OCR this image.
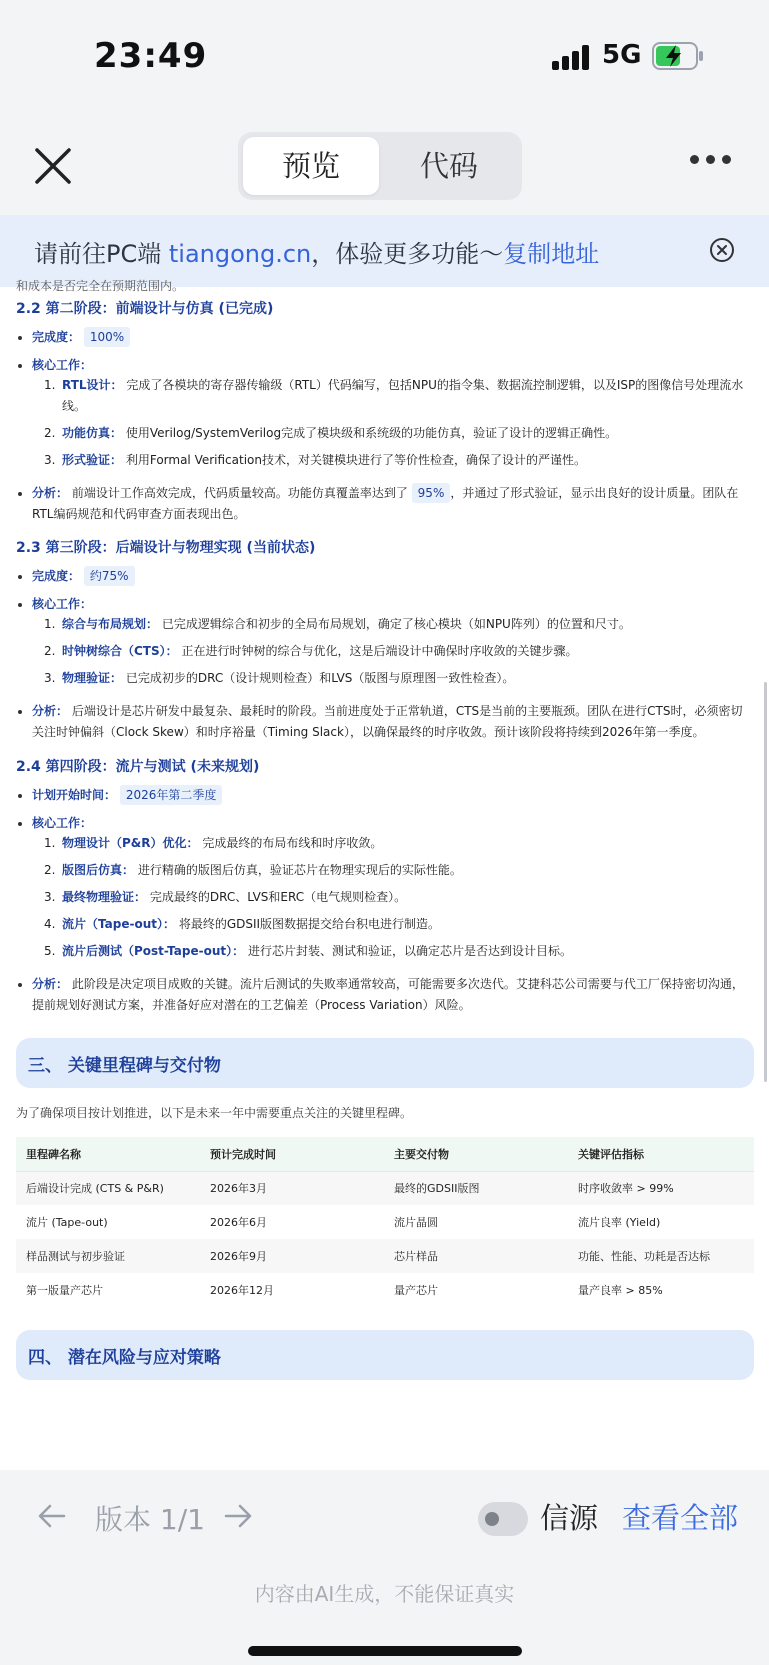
23:49	5G
预览	代码
请前往PC端 tiangong.cn，体验更多功能～复制地址
和成本是否完全在预期范围内。
2.2 第二阶段：前端设计与仿真 (已完成)
完成度： 100%
核心工作：
1. RTL设计： 完成了各模块的寄存器传输级（RTL）代码编写，包括NPU的指令集、数据流控制逻辑，以及ISP的图像信号处理流水线。
2. 功能仿真： 使用Verilog/SystemVerilog完成了模块级和系统级的功能仿真，验证了设计的逻辑正确性。
3. 形式验证： 利用Formal Verification技术，对关键模块进行了等价性检查，确保了设计的严谨性。
分析： 前端设计工作高效完成，代码质量较高。功能仿真覆盖率达到了 95% ，并通过了形式验证，显示出良好的设计质量。团队在RTL编码规范和代码审查方面表现出色。
2.3 第三阶段：后端设计与物理实现 (当前状态)
完成度： 约75%
核心工作：
1. 综合与布局规划： 已完成逻辑综合和初步的全局布局规划，确定了核心模块（如NPU阵列）的位置和尺寸。
2. 时钟树综合（CTS）： 正在进行时钟树的综合与优化，这是后端设计中确保时序收敛的关键步骤。
3. 物理验证： 已完成初步的DRC（设计规则检查）和LVS（版图与原理图一致性检查）。
分析： 后端设计是芯片研发中最复杂、最耗时的阶段。当前进度处于正常轨道，CTS是当前的主要瓶颈。团队在进行CTS时，必须密切关注时钟偏斜（Clock Skew）和时序裕量（Timing Slack），以确保最终的时序收敛。预计该阶段将持续到2026年第一季度。
2.4 第四阶段：流片与测试 (未来规划)
计划开始时间： 2026年第二季度
核心工作：
1. 物理设计（P&R）优化： 完成最终的布局布线和时序收敛。
2. 版图后仿真： 进行精确的版图后仿真，验证芯片在物理实现后的实际性能。
3. 最终物理验证： 完成最终的DRC、LVS和ERC（电气规则检查）。
4. 流片（Tape-out）： 将最终的GDSII版图数据提交给台积电进行制造。
5. 流片后测试（Post-Tape-out）： 进行芯片封装、测试和验证，以确定芯片是否达到设计目标。
分析： 此阶段是决定项目成败的关键。流片后测试的失败率通常较高，可能需要多次迭代。艾捷科芯公司需要与代工厂保持密切沟通，提前规划好测试方案，并准备好应对潜在的工艺偏差（Process Variation）风险。
三、 关键里程碑与交付物
为了确保项目按计划推进，以下是未来一年中需要重点关注的关键里程碑。
里程碑名称	预计完成时间	主要交付物	关键评估指标
后端设计完成 (CTS & P&R)	2026年3月	最终的GDSII版图	时序收敛率 > 99%
流片 (Tape-out)	2026年6月	流片晶圆	流片良率 (Yield)
样品测试与初步验证	2026年9月	芯片样品	功能、性能、功耗是否达标
第一版量产芯片	2026年12月	量产芯片	量产良率 > 85%
四、 潜在风险与应对策略
版本 1/1	信源 查看全部
内容由AI生成，不能保证真实
